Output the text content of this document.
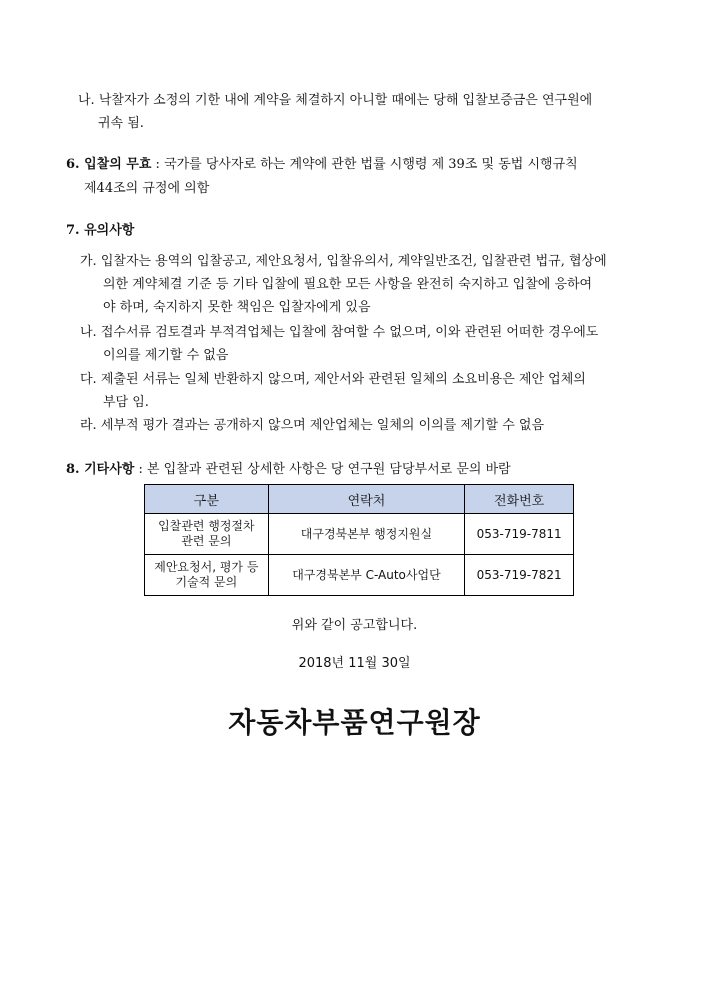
나. 낙찰자가 소정의 기한 내에 계약을 체결하지 아니할 때에는 당해 입찰보증금은 연구원에
귀속 됨.
6. 입찰의 무효 : 국가를 당사자로 하는 계약에 관한 법률 시행령 제 39조 및 동법 시행규칙
제44조의 규정에 의함
7. 유의사항
가. 입찰자는 용역의 입찰공고, 제안요청서, 입찰유의서, 계약일반조건, 입찰관련 법규, 협상에
의한 계약체결 기준 등 기타 입찰에 필요한 모든 사항을 완전히 숙지하고 입찰에 응하여
야 하며, 숙지하지 못한 책임은 입찰자에게 있음
나. 접수서류 검토결과 부적격업체는 입찰에 참여할 수 없으며, 이와 관련된 어떠한 경우에도
이의를 제기할 수 없음
다. 제출된 서류는 일체 반환하지 않으며, 제안서와 관련된 일체의 소요비용은 제안 업체의
부담 임.
라. 세부적 평가 결과는 공개하지 않으며 제안업체는 일체의 이의를 제기할 수 없음
8. 기타사항 : 본 입찰과 관련된 상세한 사항은 당 연구원 담당부서로 문의 바람
구분	연락처	전화번호

입찰관련 행정절차
관련 문의	대구경북본부 행정지원실	053-719-7811

제안요청서, 평가 등
기술적 문의	대구경북본부 C-Auto사업단	053-719-7821
위와 같이 공고합니다.
2018년 11월 30일
자동차부품연구원장
